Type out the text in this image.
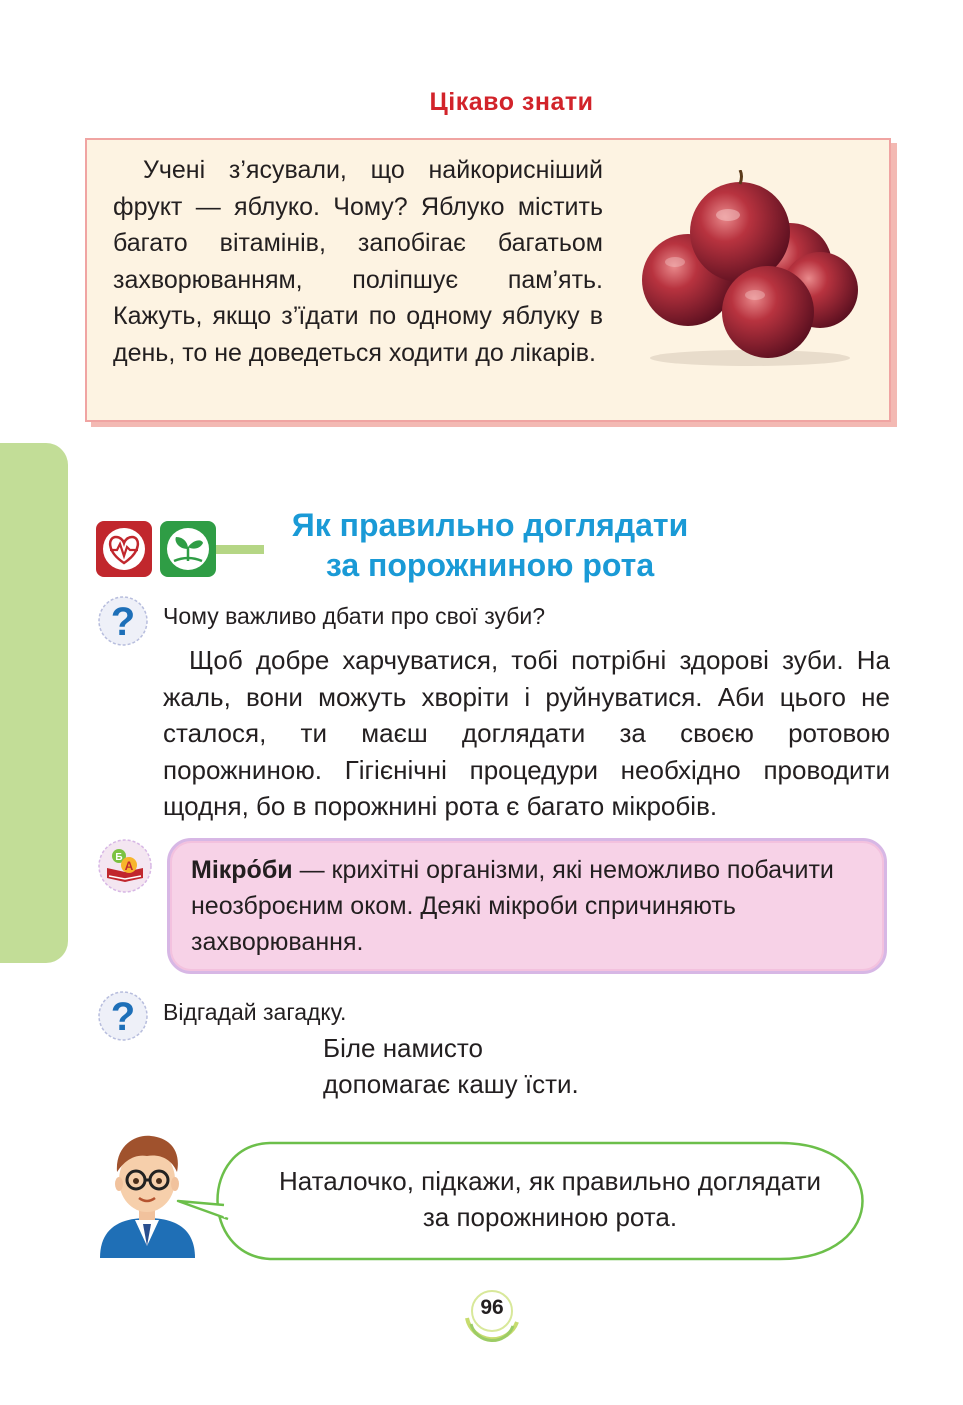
Цікаво знати
Учені з’ясували, що найкорисніший фрукт — яблуко. Чому? Яблуко містить багато вітамінів, запобігає багатьом захворюванням, поліпшує пам’ять. Кажуть, якщо з’їдати по одному яблуку в день, то не доведеться ходити до лікарів.
Як правильно доглядати
за порожниною рота
? Чому важливо дбати про свої зуби?
Щоб добре харчуватися, тобі потрібні здорові зуби. На жаль, вони можуть хворіти і руйнуватися. Аби цього не сталося, ти маєш доглядати за своєю ротовою порожниною. Гігієнічні процедури необхідно проводити щодня, бо в порожнині рота є багато мікробів.
Б
А Мікро́би — крихітні організми, які неможливо побачити неозброєним оком. Деякі мікроби спричиняють захворювання.
? Відгадай загадку.
Біле намисто
допомагає кашу їсти.
Наталочко, підкажи, як правильно доглядати
за порожниною рота.
96
